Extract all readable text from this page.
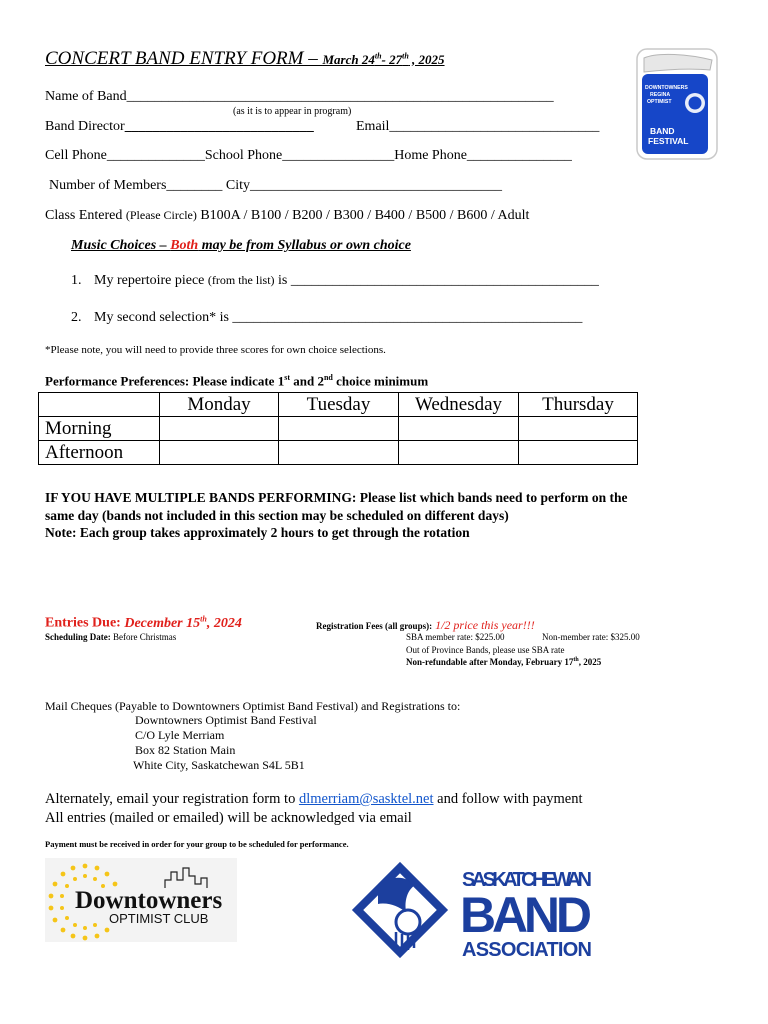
CONCERT BAND ENTRY FORM – March 24th- 27th , 2025
DOWNTOWNERS
REGINA
OPTIMIST
BAND
FESTIVAL
Name of Band_____________________________________________________________
(as it is to appear in program)
Band Director___________________________	Email______________________________
Cell Phone______________School Phone________________Home Phone_______________
Number of Members________ City____________________________________
Class Entered (Please Circle) B100A / B100 / B200 / B300 / B400 / B500 / B600 / Adult
Music Choices – Both may be from Syllabus or own choice
1. My repertoire piece (from the list) is ____________________________________________
2. My second selection* is __________________________________________________
*Please note, you will need to provide three scores for own choice selections.
Performance Preferences: Please indicate 1st and 2nd choice minimum
	Monday	Tuesday	Wednesday	Thursday
Morning				
Afternoon				
IF YOU HAVE MULTIPLE BANDS PERFORMING: Please list which bands need to perform on the
same day (bands not included in this section may be scheduled on different days)
Note: Each group takes approximately 2 hours to get through the rotation
Entries Due: December 15th, 2024
Scheduling Date: Before Christmas
Registration Fees (all groups): 1/2 price this year!!!
SBA member rate: $225.00	Non-member rate: $325.00
Out of Province Bands, please use SBA rate
Non-refundable after Monday, February 17th, 2025
Mail Cheques (Payable to Downtowners Optimist Band Festival) and Registrations to:
Downtowners Optimist Band Festival
C/O Lyle Merriam
Box 82 Station Main
White City, Saskatchewan S4L 5B1
Alternately, email your registration form to dlmerriam@sasktel.net and follow with payment
All entries (mailed or emailed) will be acknowledged via email
Payment must be received in order for your group to be scheduled for performance.
Downtowners
OPTIMIST CLUB
SASKATCHEWAN
BAND
ASSOCIATION
